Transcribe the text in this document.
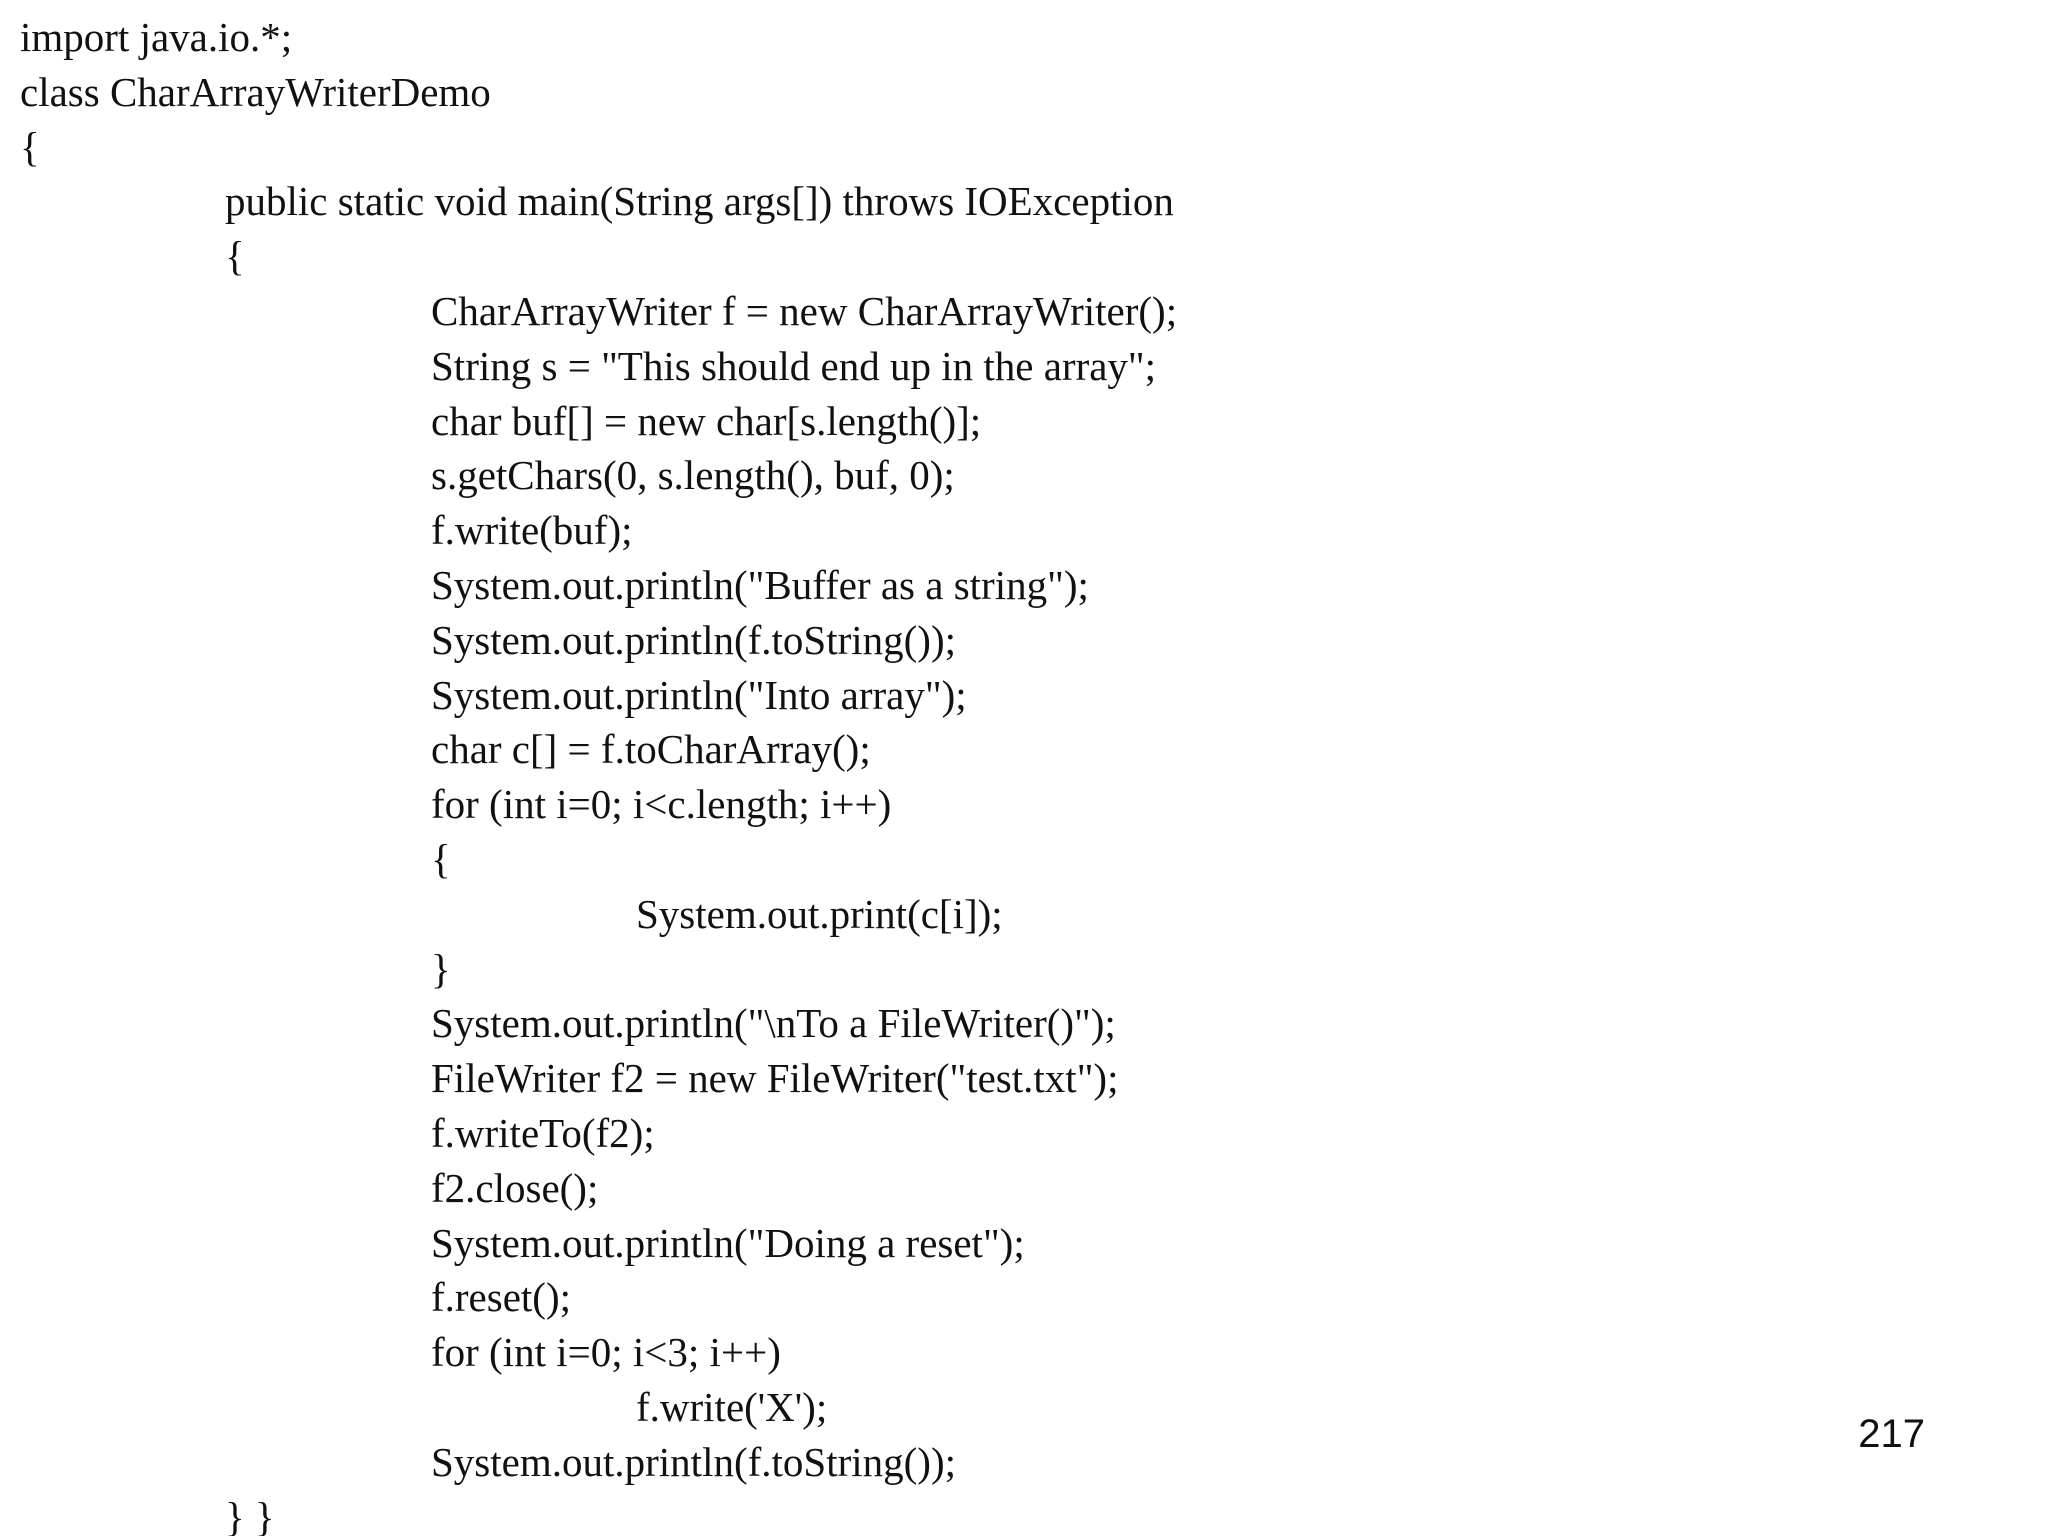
import java.io.*;
class CharArrayWriterDemo
{
public static void main(String args[]) throws IOException
{
CharArrayWriter f = new CharArrayWriter();
String s = "This should end up in the array";
char buf[] = new char[s.length()];
s.getChars(0, s.length(), buf, 0);
f.write(buf);
System.out.println("Buffer as a string");
System.out.println(f.toString());
System.out.println("Into array");
char c[] = f.toCharArray();
for (int i=0; i<c.length; i++)
{
System.out.print(c[i]);
}
System.out.println("\nTo a FileWriter()");
FileWriter f2 = new FileWriter("test.txt");
f.writeTo(f2);
f2.close();
System.out.println("Doing a reset");
f.reset();
for (int i=0; i<3; i++)
f.write('X');
System.out.println(f.toString());
} }
217
